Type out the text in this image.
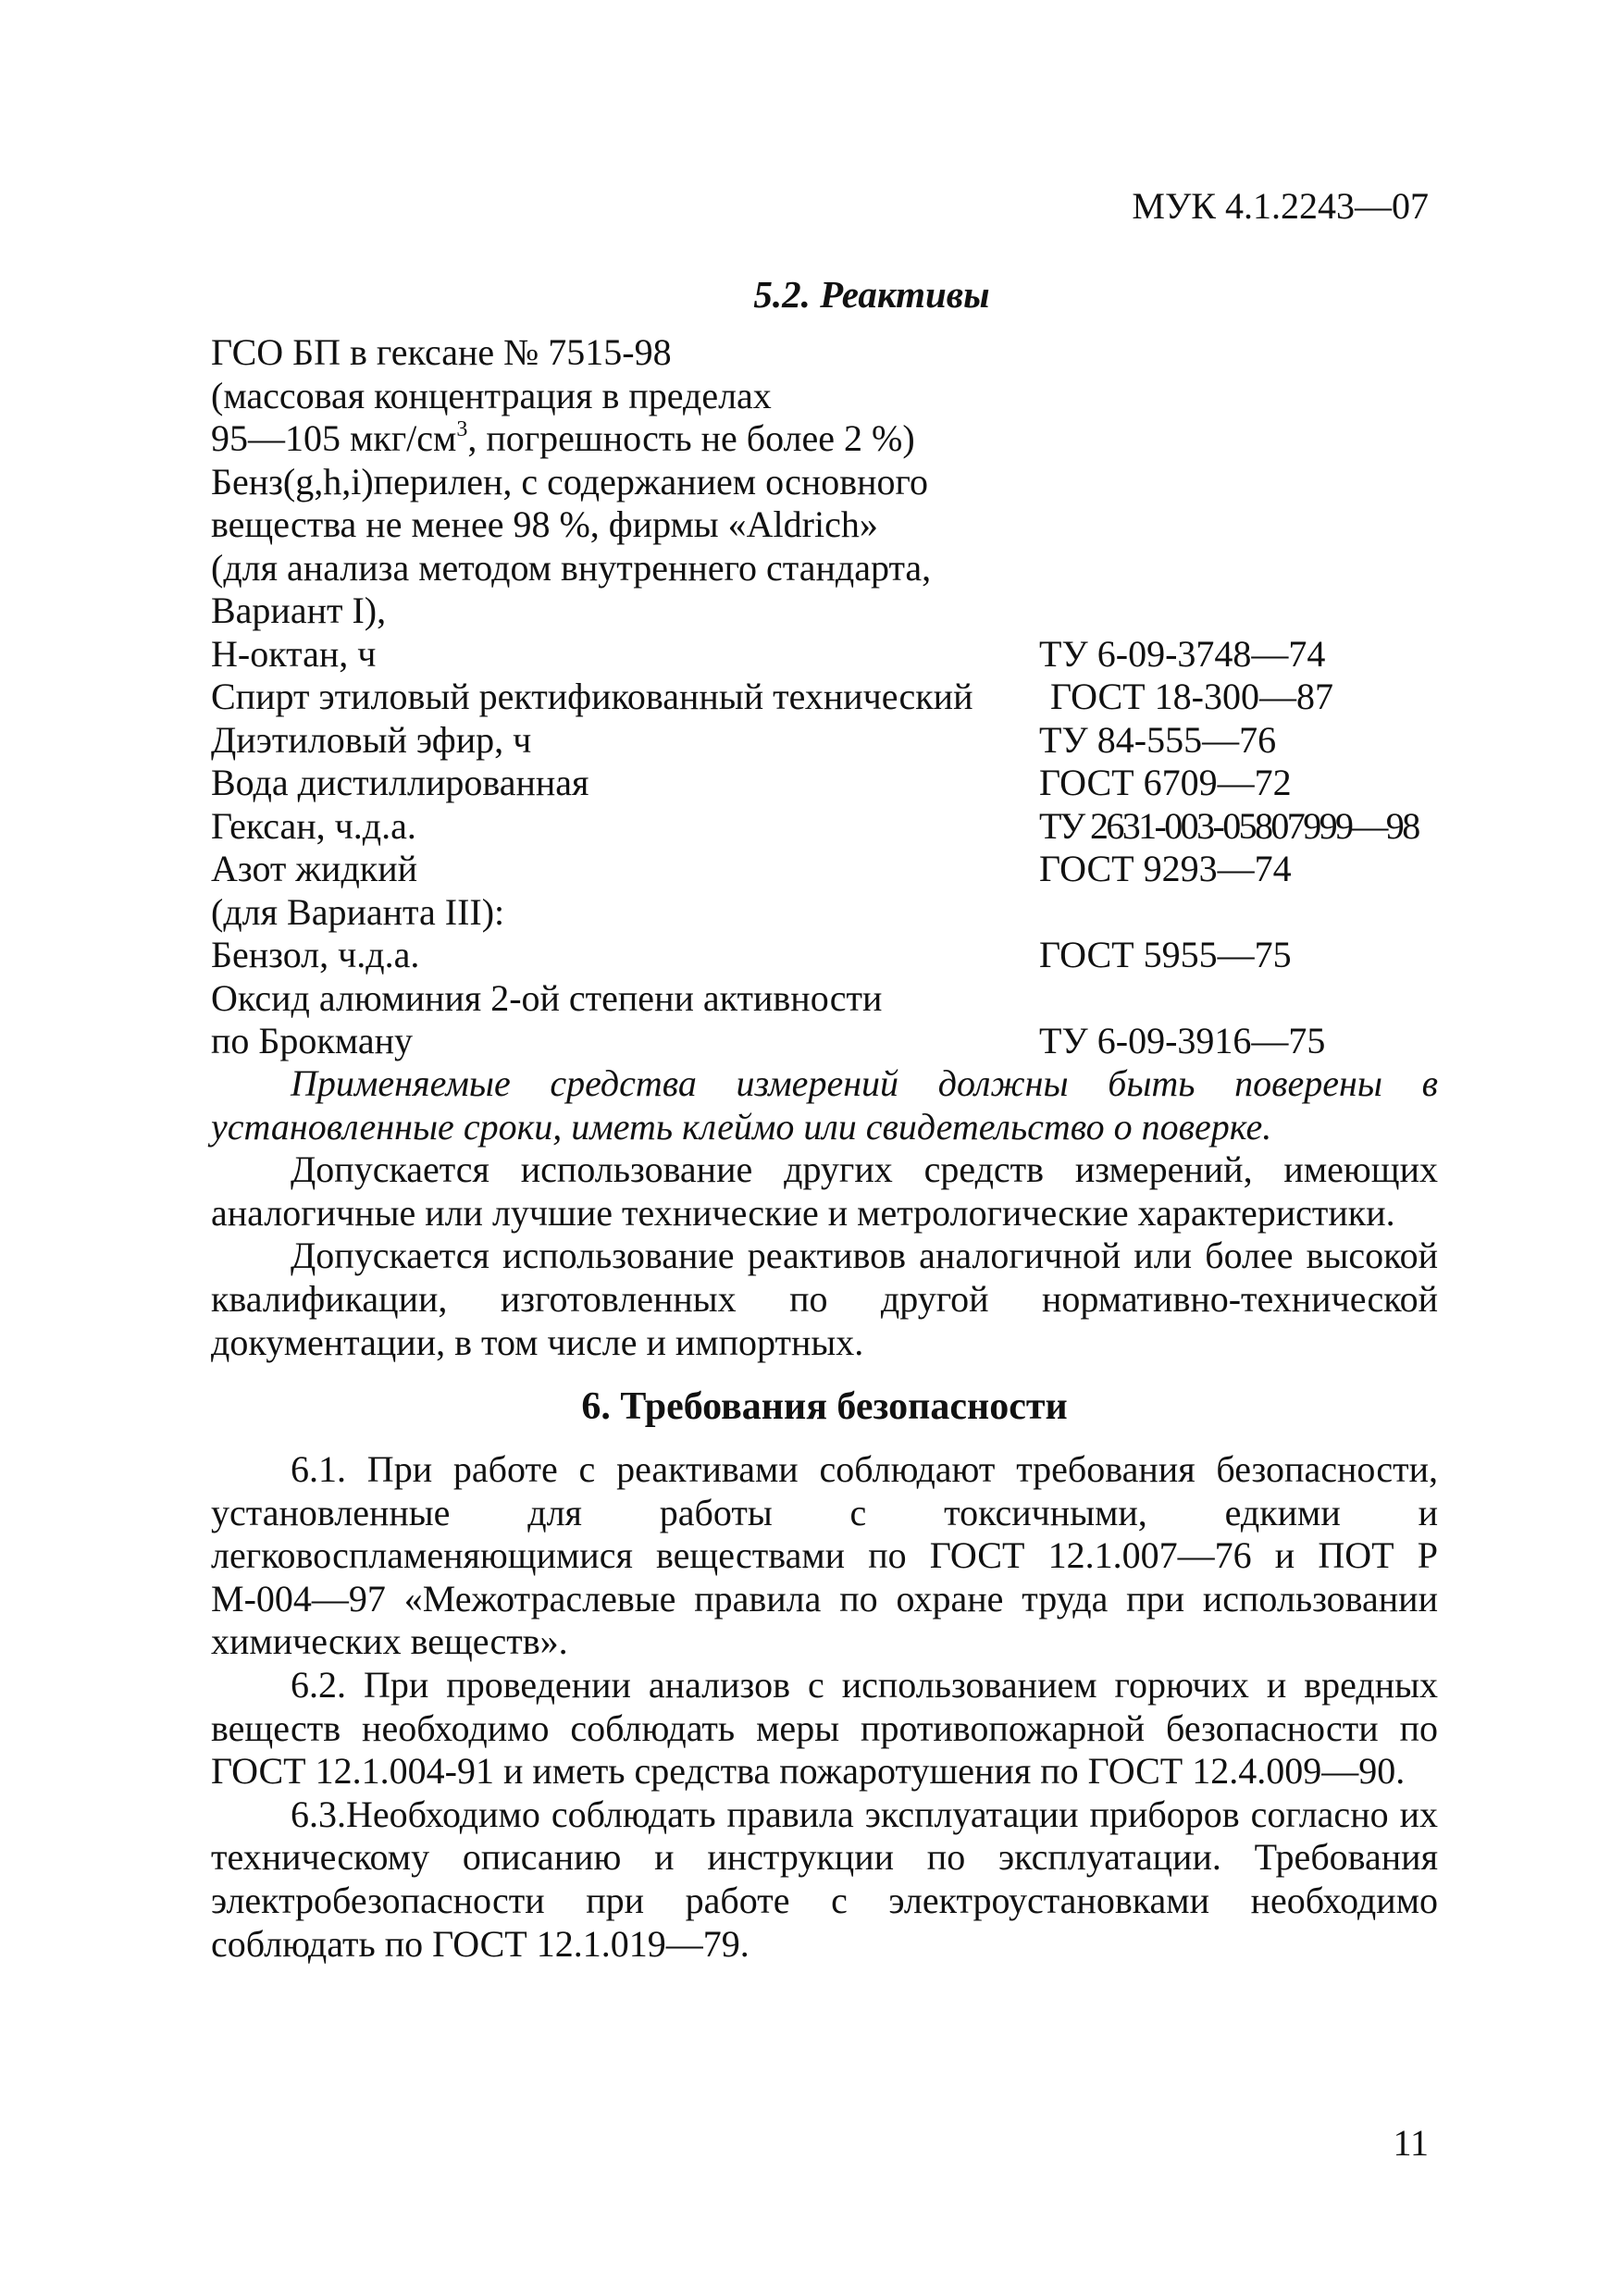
МУК 4.1.2243—07
5.2. Реактивы
ГСО БП в гексане № 7515-98
(массовая концентрация в пределах
95—105 мкг/$см^3$, погрешность не более 2 %)
Бенз(g,h,i)перилен, с содержанием основного
вещества не менее 98 %, фирмы «Aldrich»
(для анализа методом внутреннего стандарта,
Вариант I),
Н-октан, ч	ТУ 6-09-3748—74
Спирт этиловый ректификованный технический	ГОСТ 18-300—87
Диэтиловый эфир, ч	ТУ 84-555—76
Вода дистиллированная	ГОСТ 6709—72
Гексан, ч.д.а.	ТУ 2631-003-05807999—98
Азот жидкий	ГОСТ 9293—74
(для Варианта III):
Бензол, ч.д.а.	ГОСТ 5955—75
Оксид алюминия 2-ой степени активности
по Брокману	ТУ 6-09-3916—75

Применяемые средства измерений должны быть поверены в установленные сроки, иметь клеймо или свидетельство о поверке.

Допускается использование других средств измерений, имеющих аналогичные или лучшие технические и метрологические характеристики.

Допускается использование реактивов аналогичной или более высокой квалификации, изготовленных по другой нормативно-технической документации, в том числе и импортных.

6. Требования безопасности

6.1. При работе с реактивами соблюдают требования безопасности, установленные для работы с токсичными, едкими и легковоспламеняющимися веществами по ГОСТ 12.1.007—76 и ПОТ Р М-004—97 «Межотраслевые правила по охране труда при использовании химических веществ».

6.2. При проведении анализов с использованием горючих и вредных веществ необходимо соблюдать меры противопожарной безопасности по ГОСТ 12.1.004-91 и иметь средства пожаротушения по ГОСТ 12.4.009—90.

6.3.Необходимо соблюдать правила эксплуатации приборов согласно их техническому описанию и инструкции по эксплуатации. Требования электробезопасности при работе с электроустановками необходимо соблюдать по ГОСТ 12.1.019—79.

11
